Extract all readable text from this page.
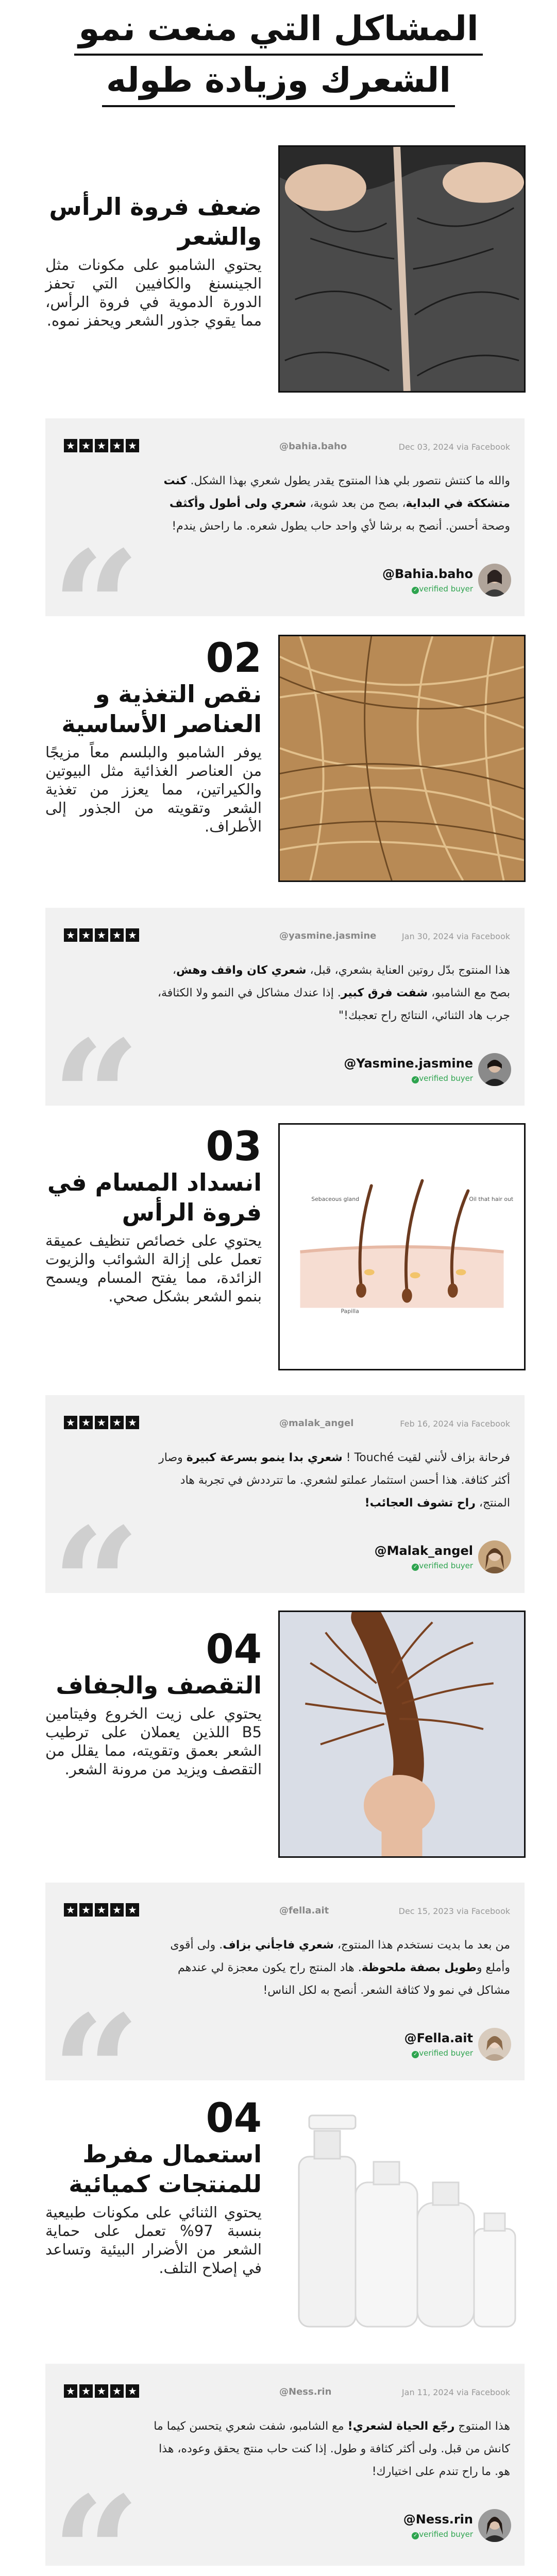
المشاكل التي منعت نمو
الشعرك وزيادة طوله
ضعف فروة الرأس والشعر
يحتوي الشامبو على مكونات مثل الجينسنغ والكافيين التي تحفز الدورة الدموية في فروة الرأس، مما يقوي جذور الشعر ويحفز نموه.
★ ★ ★ ★ ★	@bahia.baho	Dec 03, 2024 via Facebook
والله ما كنتش نتصور بلي هذا المنتوج يقدر يطول شعري بهذا الشكل. كنت
متشككة في البداية، بصح من بعد شوية، شعري ولى أطول وأكثف
وصحة أحسن. أنصح به برشا لأي واحد حاب يطول شعره. ما راحش يندم!
“	@Bahia.baho
✓ verified buyer
02
نقص التغذية و العناصر الأساسية
يوفر الشامبو والبلسم معاً مزيجًا من العناصر الغذائية مثل البيوتين والكيراتين، مما يعزز من تغذية الشعر وتقويته من الجذور إلى الأطراف.
★ ★ ★ ★ ★	@yasmine.jasmine	Jan 30, 2024 via Facebook
هذا المنتوج بدّل روتين العناية بشعري، قبل، شعري كان واقف وهش،
بصح مع الشامبو، شفت فرق كبير. إذا عندك مشاكل في النمو ولا الكثافة،
جرب هاد الثنائي، النتائج راح تعجبك!"
“	@Yasmine.jasmine
✓ verified buyer
03
انسداد المسام في فروة الرأس
يحتوي على خصائص تنظيف عميقة تعمل على إزالة الشوائب والزيوت الزائدة، مما يفتح المسام ويسمح بنمو الشعر بشكل صحي.
Sebaceous gland	Oil that hair out
Papilla
★ ★ ★ ★ ★	@malak_angel	Feb 16, 2024 via Facebook
فرحانة بزاف لأنني لقيت Touché ! شعري بدا ينمو بسرعة كبيرة وصار
أكثر كثافة. هذا أحسن استثمار عملتو لشعري. ما تترددش في تجربة هاد
المنتج، راح تشوف العجائب!
“	@Malak_angel
✓ verified buyer
04
التقصف والجفاف
يحتوي على زيت الخروع وفيتامين B5 اللذين يعملان على ترطيب الشعر بعمق وتقويته، مما يقلل من التقصف ويزيد من مرونة الشعر.
★ ★ ★ ★ ★	@fella.ait	Dec 15, 2023 via Facebook
من بعد ما بديت نستخدم هذا المنتوج، شعري فاجأني بزاف. ولى أقوى
وأملع وطويل بصفة ملحوظة. هاد المنتج راح يكون معجزة لي عندهم
مشاكل في نمو ولا كثافة الشعر. أنصح به لكل الناس!
“	@Fella.ait
✓ verified buyer
04
استعمال مفرط للمنتجات كميائية
يحتوي الثنائي على مكونات طبيعية بنسبة 97% تعمل على حماية الشعر من الأضرار البيئية وتساعد في إصلاح التلف.
★ ★ ★ ★ ★	@Ness.rin	Jan 11, 2024 via Facebook
هذا المنتوج رجّع الحياة لشعري! مع الشامبو، شفت شعري يتحسن كيما ما
كانش من قبل. ولى أكثر كثافة و طول. إذا كنت حاب منتج يحقق وعوده، هذا
هو. ما راح تندم على اختيارك!
“	@Ness.rin
✓ verified buyer
